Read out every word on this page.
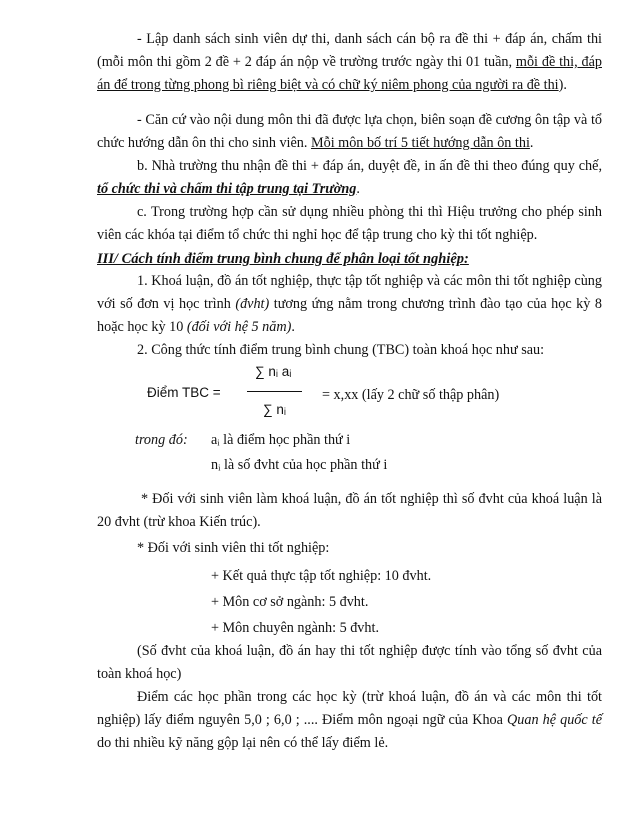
- Lập danh sách sinh viên dự thi, danh sách cán bộ ra đề thi + đáp án, chấm thi (mỗi môn thi gồm 2 đề + 2 đáp án nộp về trường trước ngày thi 01 tuần, mỗi đề thi, đáp án để trong từng phong bì riêng biệt và có chữ ký niêm phong của người ra đề thi).

- Căn cứ vào nội dung môn thi đã được lựa chọn, biên soạn đề cương ôn tập và tổ chức hướng dẫn ôn thi cho sinh viên. Mỗi môn bố trí 5 tiết hướng dẫn ôn thi.

b. Nhà trường thu nhận đề thi + đáp án, duyệt đề, in ấn đề thi theo đúng quy chế, tổ chức thi và chấm thi tập trung tại Trường.

c. Trong trường hợp cần sử dụng nhiều phòng thi thì Hiệu trưởng cho phép sinh viên các khóa tại điểm tổ chức thi nghỉ học để tập trung cho kỳ thi tốt nghiệp.

III/ Cách tính điểm trung bình chung để phân loại tốt nghiệp:

1. Khoá luận, đồ án tốt nghiệp, thực tập tốt nghiệp và các môn thi tốt nghiệp cùng với số đơn vị học trình (đvht) tương ứng nằm trong chương trình đào tạo của học kỳ 8 hoặc học kỳ 10 (đối với hệ 5 năm).

2. Công thức tính điểm trung bình chung (TBC) toàn khoá học như sau:
Điểm TBC =
∑ nᵢ aᵢ
∑ nᵢ
= x,xx (lấy 2 chữ số thập phân)
trong đó: aᵢ là điểm học phần thứ i
nᵢ là số đvht của học phần thứ i

* Đối với sinh viên làm khoá luận, đồ án tốt nghiệp thì số đvht của khoá luận là 20 đvht (trừ khoa Kiến trúc).

* Đối với sinh viên thi tốt nghiệp:
+ Kết quả thực tập tốt nghiệp: 10 đvht.
+ Môn cơ sở ngành: 5 đvht.
+ Môn chuyên ngành: 5 đvht.

(Số đvht của khoá luận, đồ án hay thi tốt nghiệp được tính vào tổng số đvht của toàn khoá học)

Điểm các học phần trong các học kỳ (trừ khoá luận, đồ án và các môn thi tốt nghiệp) lấy điểm nguyên 5,0 ; 6,0 ; .... Điểm môn ngoại ngữ của Khoa Quan hệ quốc tế do thi nhiều kỹ năng gộp lại nên có thể lấy điểm lẻ.
